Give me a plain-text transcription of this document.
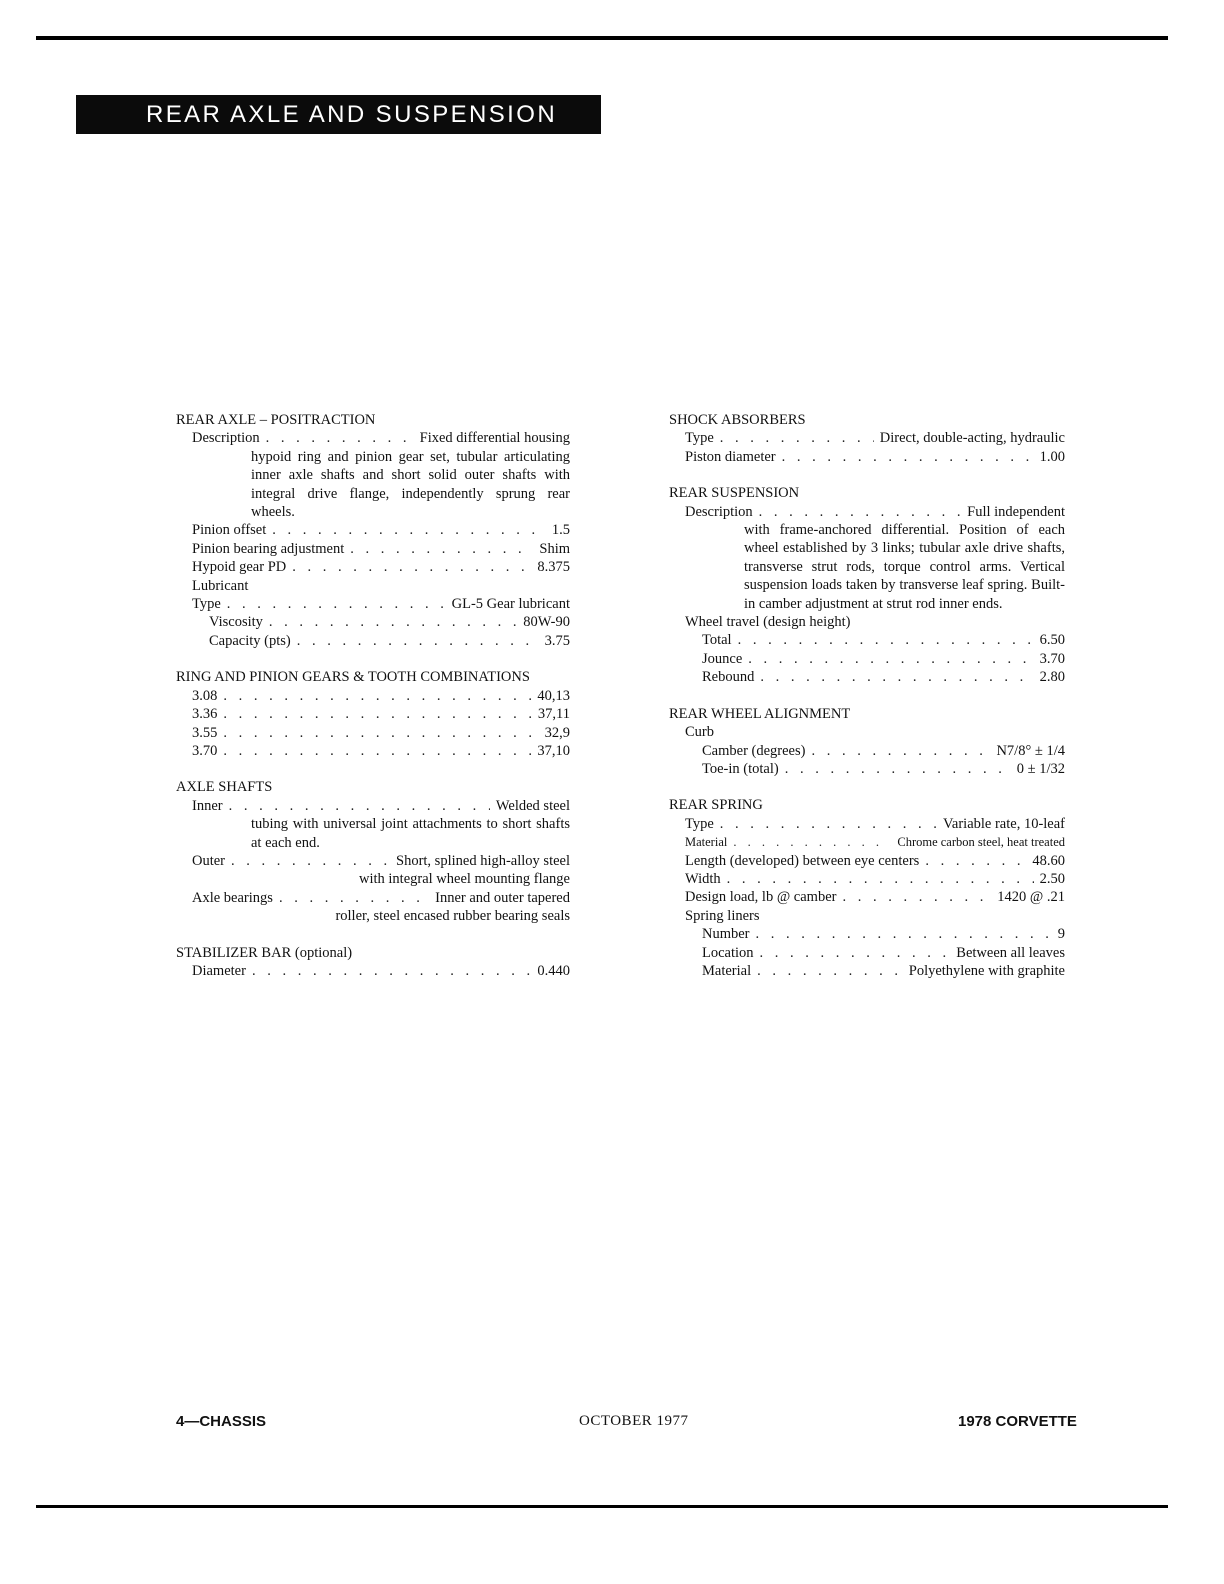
REAR AXLE AND SUSPENSION
REAR AXLE – POSITRACTION
Description . . .	Fixed differential housing
hypoid ring and pinion gear set, tubular articulating inner axle shafts and short solid outer shafts with integral drive flange, independently sprung rear wheels.
Pinion offset . . .	1.5
Pinion bearing adjustment . . .	Shim
Hypoid gear PD . . .	8.375
Lubricant
Type . . .	GL-5 Gear lubricant
Viscosity . . .	80W-90
Capacity (pts) . . .	3.75
RING AND PINION GEARS & TOOTH COMBINATIONS
3.08 . . .	40,13
3.36 . . .	37,11
3.55 . . .	32,9
3.70 . . .	37,10
AXLE SHAFTS
Inner . . .	Welded steel
tubing with universal joint attachments to short shafts at each end.
Outer . . .	Short, splined high-alloy steel
with integral wheel mounting flange
Axle bearings . . .	Inner and outer tapered
roller, steel encased rubber bearing seals
STABILIZER BAR (optional)
Diameter . . .	0.440
SHOCK ABSORBERS
Type . . .	Direct, double-acting, hydraulic
Piston diameter . . .	1.00
REAR SUSPENSION
Description . . .	Full independent
with frame-anchored differential. Position of each wheel established by 3 links; tubular axle drive shafts, transverse strut rods, torque control arms. Vertical suspension loads taken by transverse leaf spring. Built-in camber adjustment at strut rod inner ends.
Wheel travel (design height)
Total . . .	6.50
Jounce . . .	3.70
Rebound . . .	2.80
REAR WHEEL ALIGNMENT
Curb
Camber (degrees) . . .	N7/8° ± 1/4
Toe-in (total) . . .	0 ± 1/32
REAR SPRING
Type . . .	Variable rate, 10-leaf
Material . . .	Chrome carbon steel, heat treated
Length (developed) between eye centers . . .	48.60
Width . . .	2.50
Design load, lb @ camber . . .	1420 @ .21
Spring liners
Number . . .	9
Location . . .	Between all leaves
Material . . .	Polyethylene with graphite
4—CHASSIS	OCTOBER 1977	1978 CORVETTE
